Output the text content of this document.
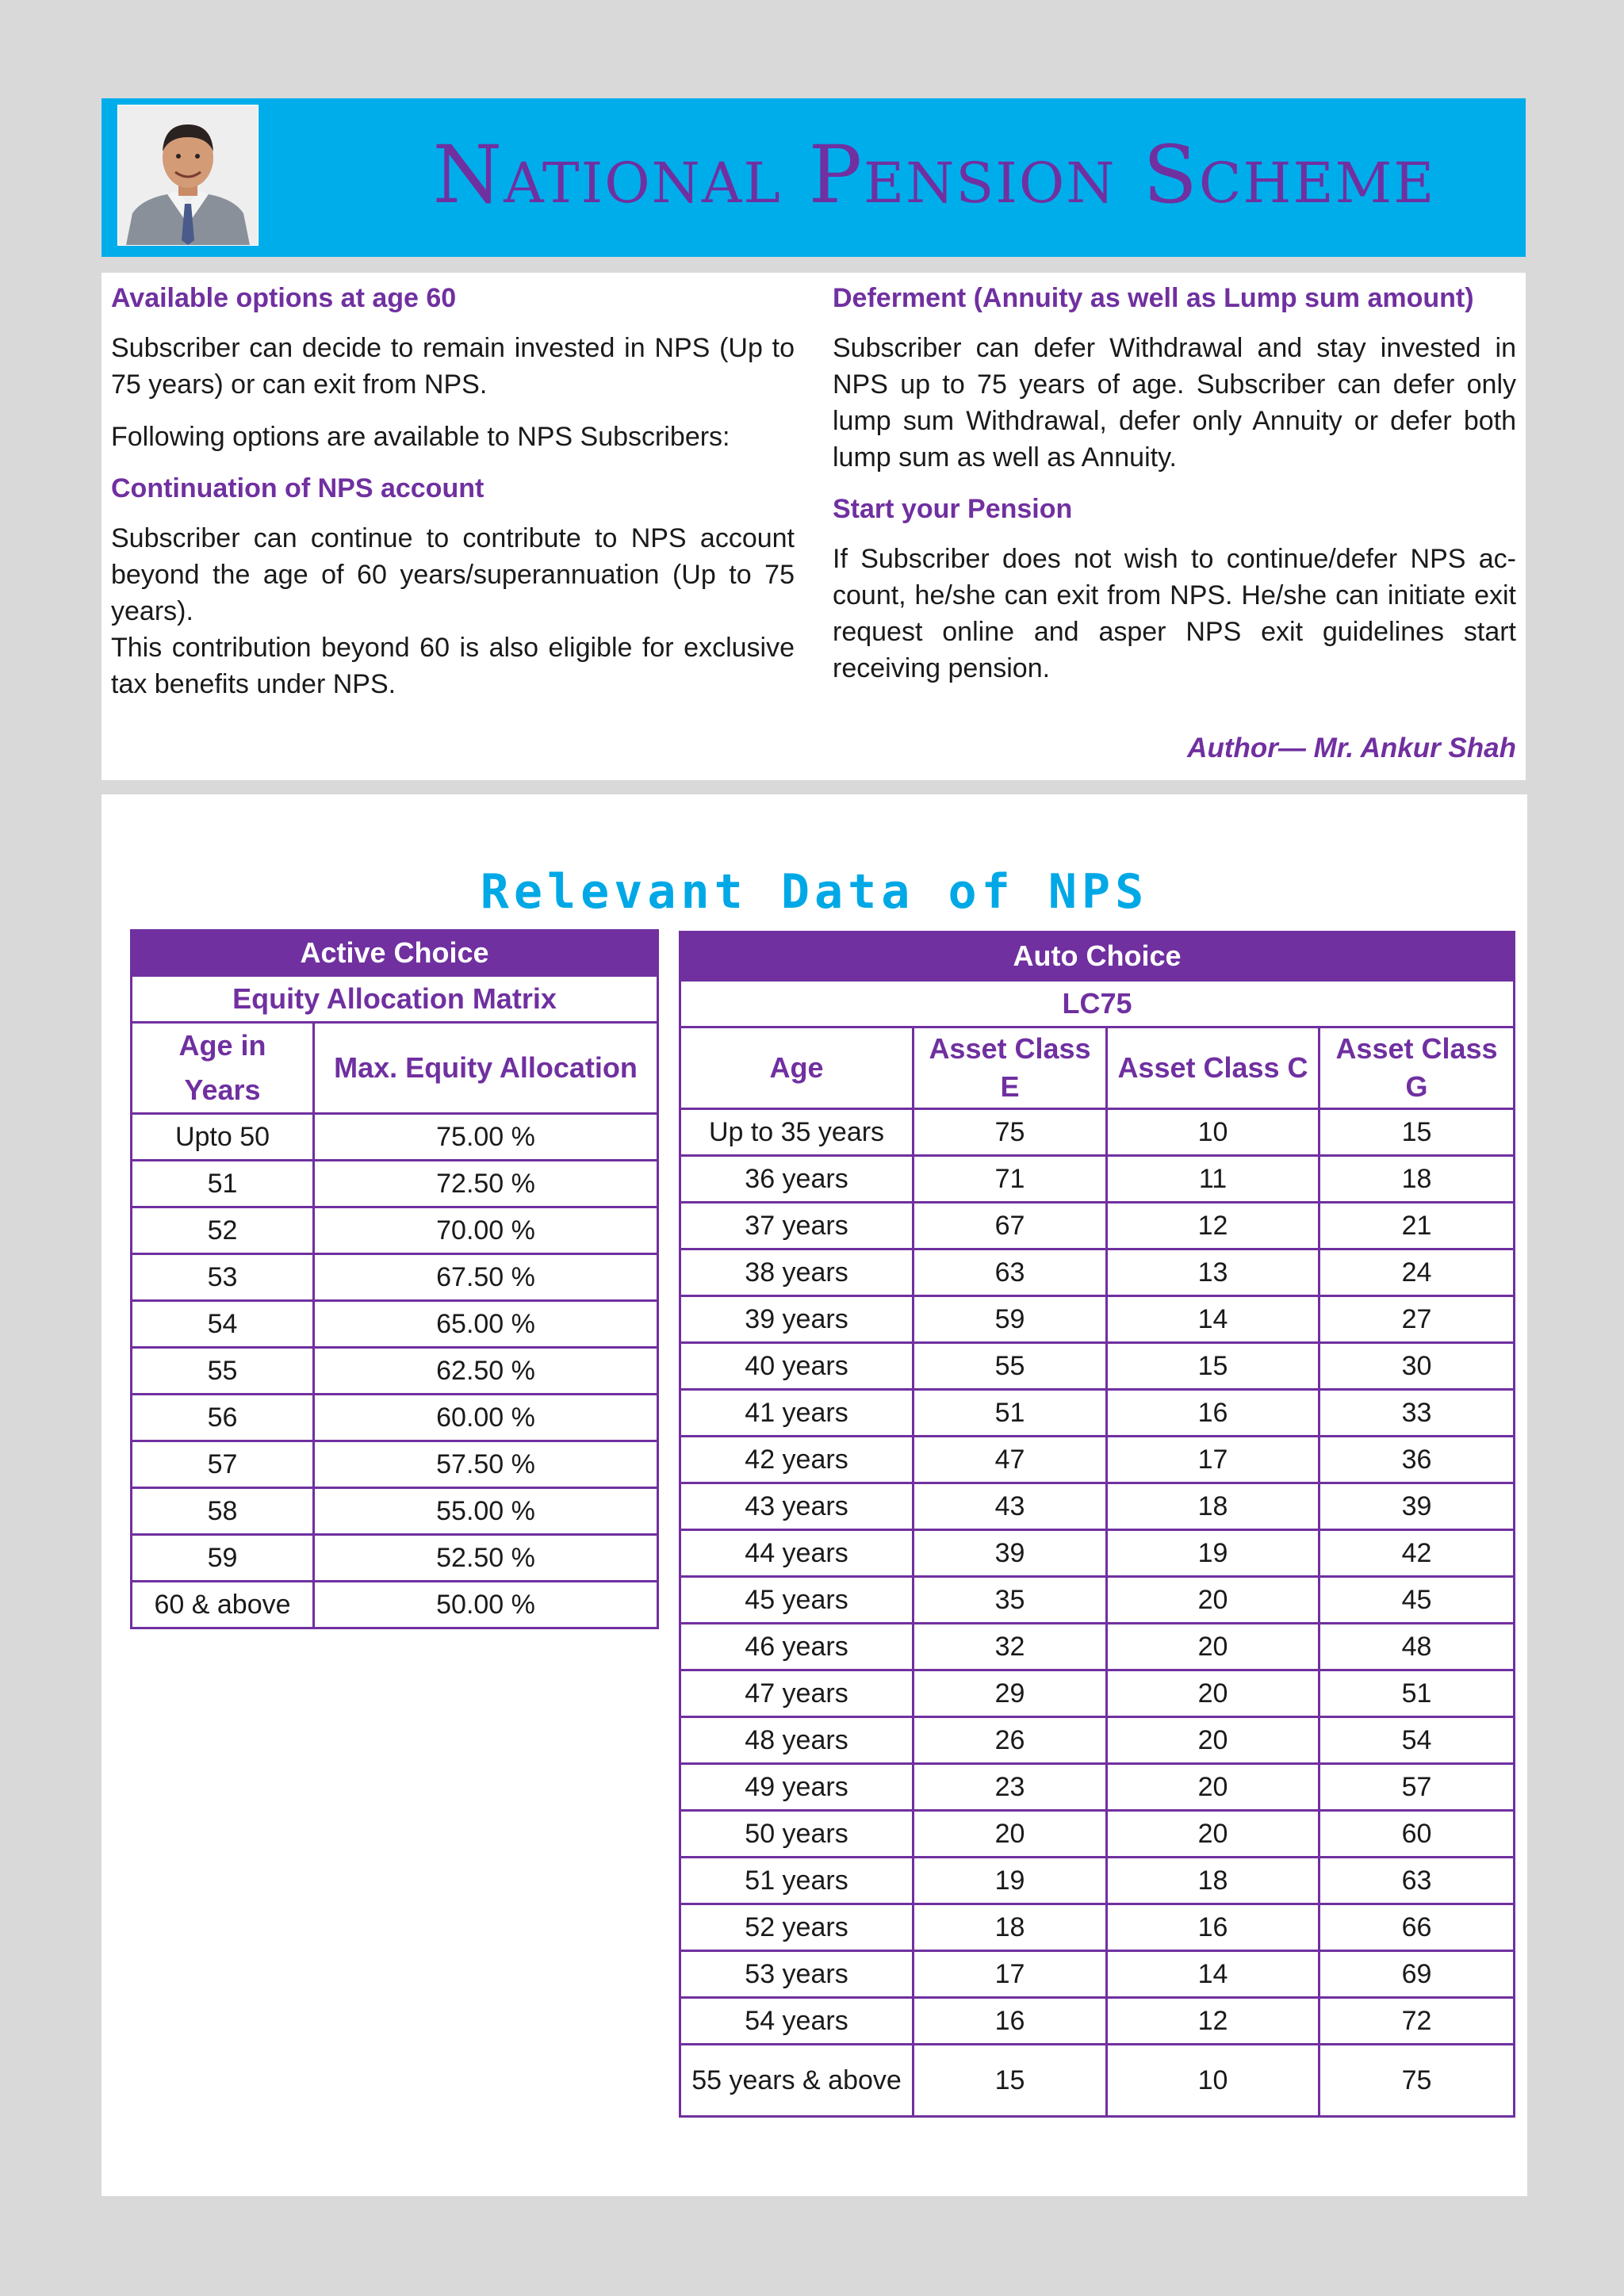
National Pension Scheme

Available options at age 60

Subscriber can decide to remain invested in NPS (Up to 75 years) or can exit from NPS.

Following options are available to NPS Subscribers:

Continuation of NPS account

Subscriber can continue to contribute to NPS account beyond the age of 60 years/superannuation (Up to 75 years).

This contribution beyond 60 is also eligible for exclusive tax benefits under NPS.

Deferment (Annuity as well as Lump sum amount)

Subscriber can defer Withdrawal and stay invested in NPS up to 75 years of age. Subscriber can defer only lump sum Withdrawal, defer only Annuity or defer both lump sum as well as Annuity.

Start your Pension

If Subscriber does not wish to continue/defer NPS ac-count, he/she can exit from NPS. He/she can initiate exit request online and asper NPS exit guidelines start receiving pension.

Author— Mr. Ankur Shah
Relevant Data of NPS
Active Choice	
Equity Allocation Matrix	
Age in Years	Max. Equity Allocation
Upto 50	75.00 %
51	72.50 %
52	70.00 %
53	67.50 %
54	65.00 %
55	62.50 %
56	60.00 %
57	57.50 %
58	55.00 %
59	52.50 %
60 & above	50.00 %
Auto Choice			
LC75			
Age	Asset Class E	Asset Class C	Asset Class G
Up to 35 years	75	10	15
36 years	71	11	18
37 years	67	12	21
38 years	63	13	24
39 years	59	14	27
40 years	55	15	30
41 years	51	16	33
42 years	47	17	36
43 years	43	18	39
44 years	39	19	42
45 years	35	20	45
46 years	32	20	48
47 years	29	20	51
48 years	26	20	54
49 years	23	20	57
50 years	20	20	60
51 years	19	18	63
52 years	18	16	66
53 years	17	14	69
54 years	16	12	72
55 years & above	15	10	75
